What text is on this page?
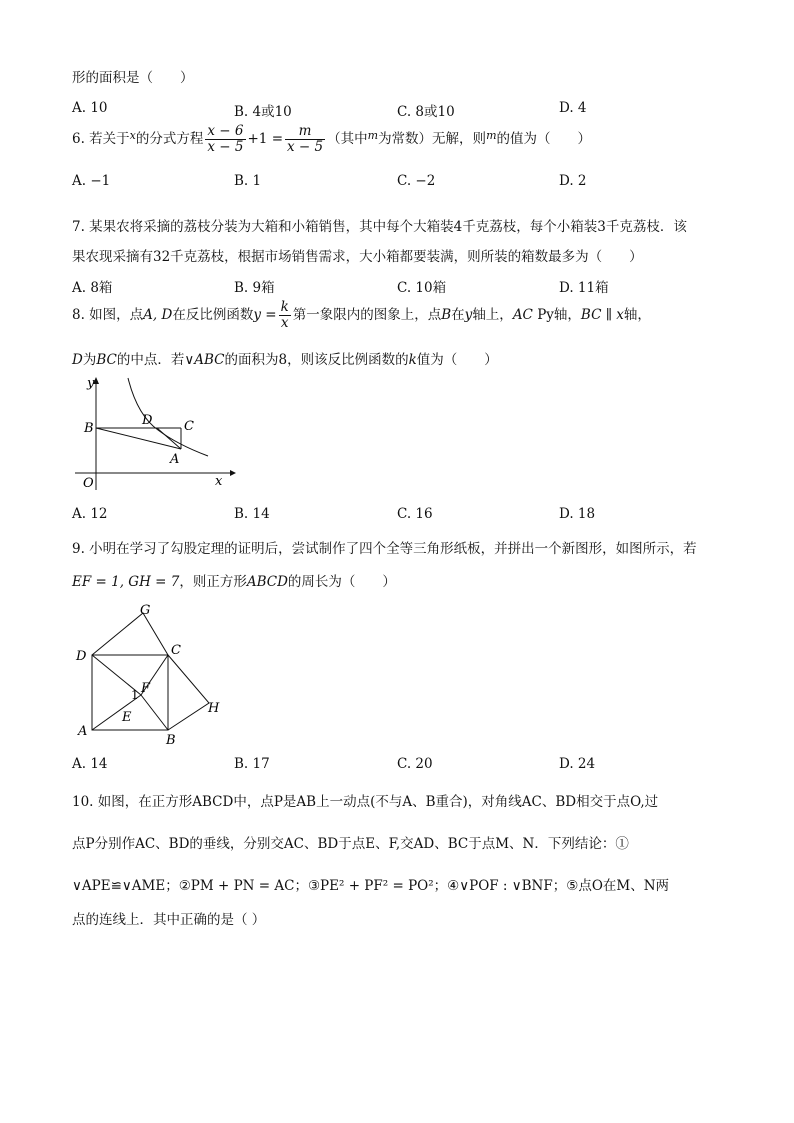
形的面积是（　　）
A. 10	B. 4或10	C. 8或10	D. 4
6. 若关于$^x$的分式方程 $\frac{x - 6}{x - 5} +1 = \frac{m}{x - 5}$ （其中$^m$为常数）无解，则$^m$的值为（　　）
A. −1	B. 1	C. −2	D. 2
7. 某果农将采摘的荔枝分装为大箱和小箱销售，其中每个大箱装4千克荔枝，每个小箱装3千克荔枝．该
果农现采摘有32千克荔枝，根据市场销售需求，大小箱都要装满，则所装的箱数最多为（　　）
A. 8箱	B. 9箱	C. 10箱	D. 11箱
8. 如图，点A, D在反比例函数$y = \frac{k}{x}$ 第一象限内的图象上，点B在y轴上，AC Py轴，BC ∥ x轴，
D为BC的中点．若∨ABC的面积为8，则该反比例函数的k值为（　　）
y
B
D C
A
O	x
A. 12	B. 14	C. 16	D. 18
9. 小明在学习了勾股定理的证明后，尝试制作了四个全等三角形纸板，并拼出一个新图形，如图所示，若
EF = 1, GH = 7，则正方形ABCD的周长为（　　）
G
D	C
F
1
E
H
A
B
A. 14	B. 17	C. 20	D. 24
10. 如图，在正方形ABCD中，点P是AB上一动点(不与A、B重合)，对角线AC、BD相交于点O,过
点P分别作AC、BD的垂线，分别交AC、BD于点E、F,交AD、BC于点M、N．下列结论：①
∨APE≌∨AME；②PM + PN = AC；③PE² + PF² = PO²；④∨POF : ∨BNF；⑤点O在M、N两
点的连线上．其中正确的是（ ）
